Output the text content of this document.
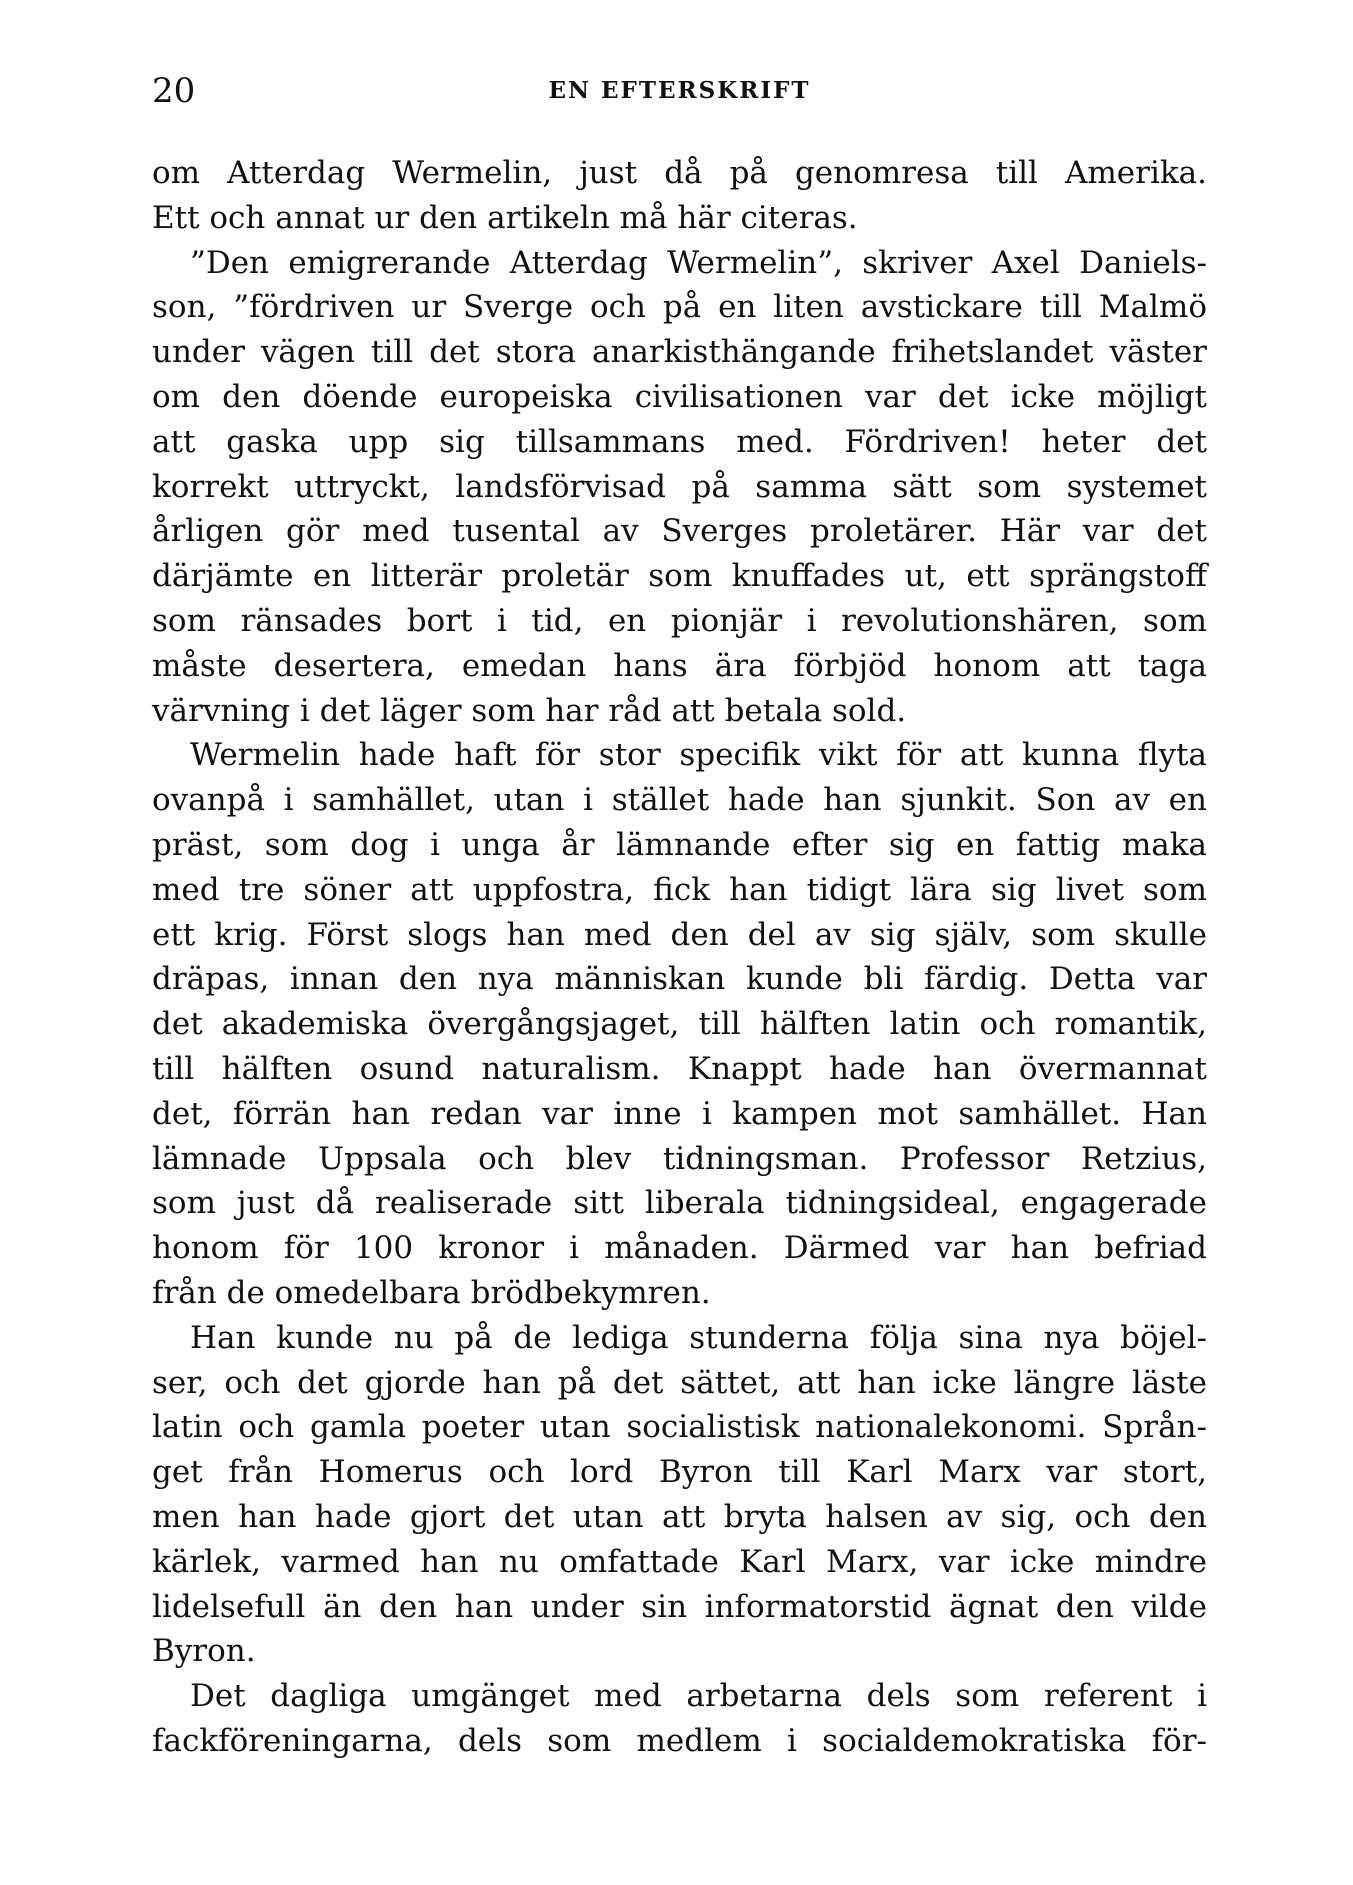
20	EN EFTERSKRIFT
om Atterdag Wermelin, just då på genomresa till Amerika.
Ett och annat ur den artikeln må här citeras.
”Den emigrerande Atterdag Wermelin”, skriver Axel Daniels-
son, ”fördriven ur Sverge och på en liten avstickare till Malmö
under vägen till det stora anarkisthängande frihetslandet väster
om den döende europeiska civilisationen var det icke möjligt
att gaska upp sig tillsammans med. Fördriven! heter det
korrekt uttryckt, landsförvisad på samma sätt som systemet
årligen gör med tusental av Sverges proletärer. Här var det
därjämte en litterär proletär som knuffades ut, ett sprängstoff
som ränsades bort i tid, en pionjär i revolutionshären, som
måste desertera, emedan hans ära förbjöd honom att taga
värvning i det läger som har råd att betala sold.
Wermelin hade haft för stor specifik vikt för att kunna flyta
ovanpå i samhället, utan i stället hade han sjunkit. Son av en
präst, som dog i unga år lämnande efter sig en fattig maka
med tre söner att uppfostra, fick han tidigt lära sig livet som
ett krig. Först slogs han med den del av sig själv, som skulle
dräpas, innan den nya människan kunde bli färdig. Detta var
det akademiska övergångsjaget, till hälften latin och romantik,
till hälften osund naturalism. Knappt hade han övermannat
det, förrän han redan var inne i kampen mot samhället. Han
lämnade Uppsala och blev tidningsman. Professor Retzius,
som just då realiserade sitt liberala tidningsideal, engagerade
honom för 100 kronor i månaden. Därmed var han befriad
från de omedelbara brödbekymren.
Han kunde nu på de lediga stunderna följa sina nya böjel-
ser, och det gjorde han på det sättet, att han icke längre läste
latin och gamla poeter utan socialistisk nationalekonomi. Språn-
get från Homerus och lord Byron till Karl Marx var stort,
men han hade gjort det utan att bryta halsen av sig, och den
kärlek, varmed han nu omfattade Karl Marx, var icke mindre
lidelsefull än den han under sin informatorstid ägnat den vilde
Byron.
Det dagliga umgänget med arbetarna dels som referent i
fackföreningarna, dels som medlem i socialdemokratiska för-
